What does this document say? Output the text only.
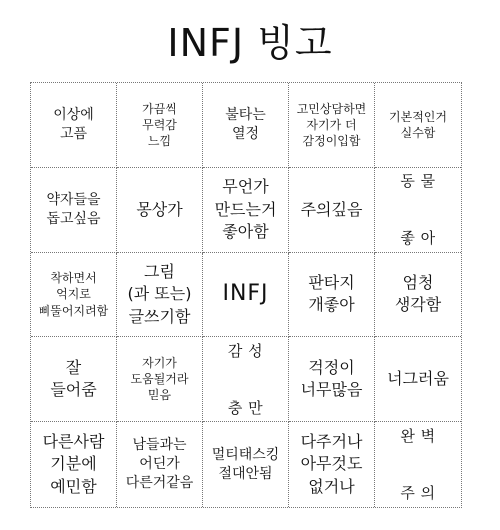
INFJ 빙고
이상에
고픔
가끔씩
무력감
느낌
불타는
열정
고민상담하면
자기가 더
감정이입함
기본적인거
실수함
약자들을
돕고싶음
몽상가
무언가
만드는거
좋아함
주의깊음
동 물

좋 아
착하면서
억지로
삐뚤어지려함
그림
(과 또는)
글쓰기함
INFJ 판타지
개좋아
엄청
생각함
잘
들어줌
자기가
도움될거라
믿음
감 성

충 만
걱정이
너무많음
너그러움
다른사람
기분에
예민함
남들과는
어딘가
다른거같음
멀티태스킹
절대안됨
다주거나
아무것도
없거나
완 벽

주 의
